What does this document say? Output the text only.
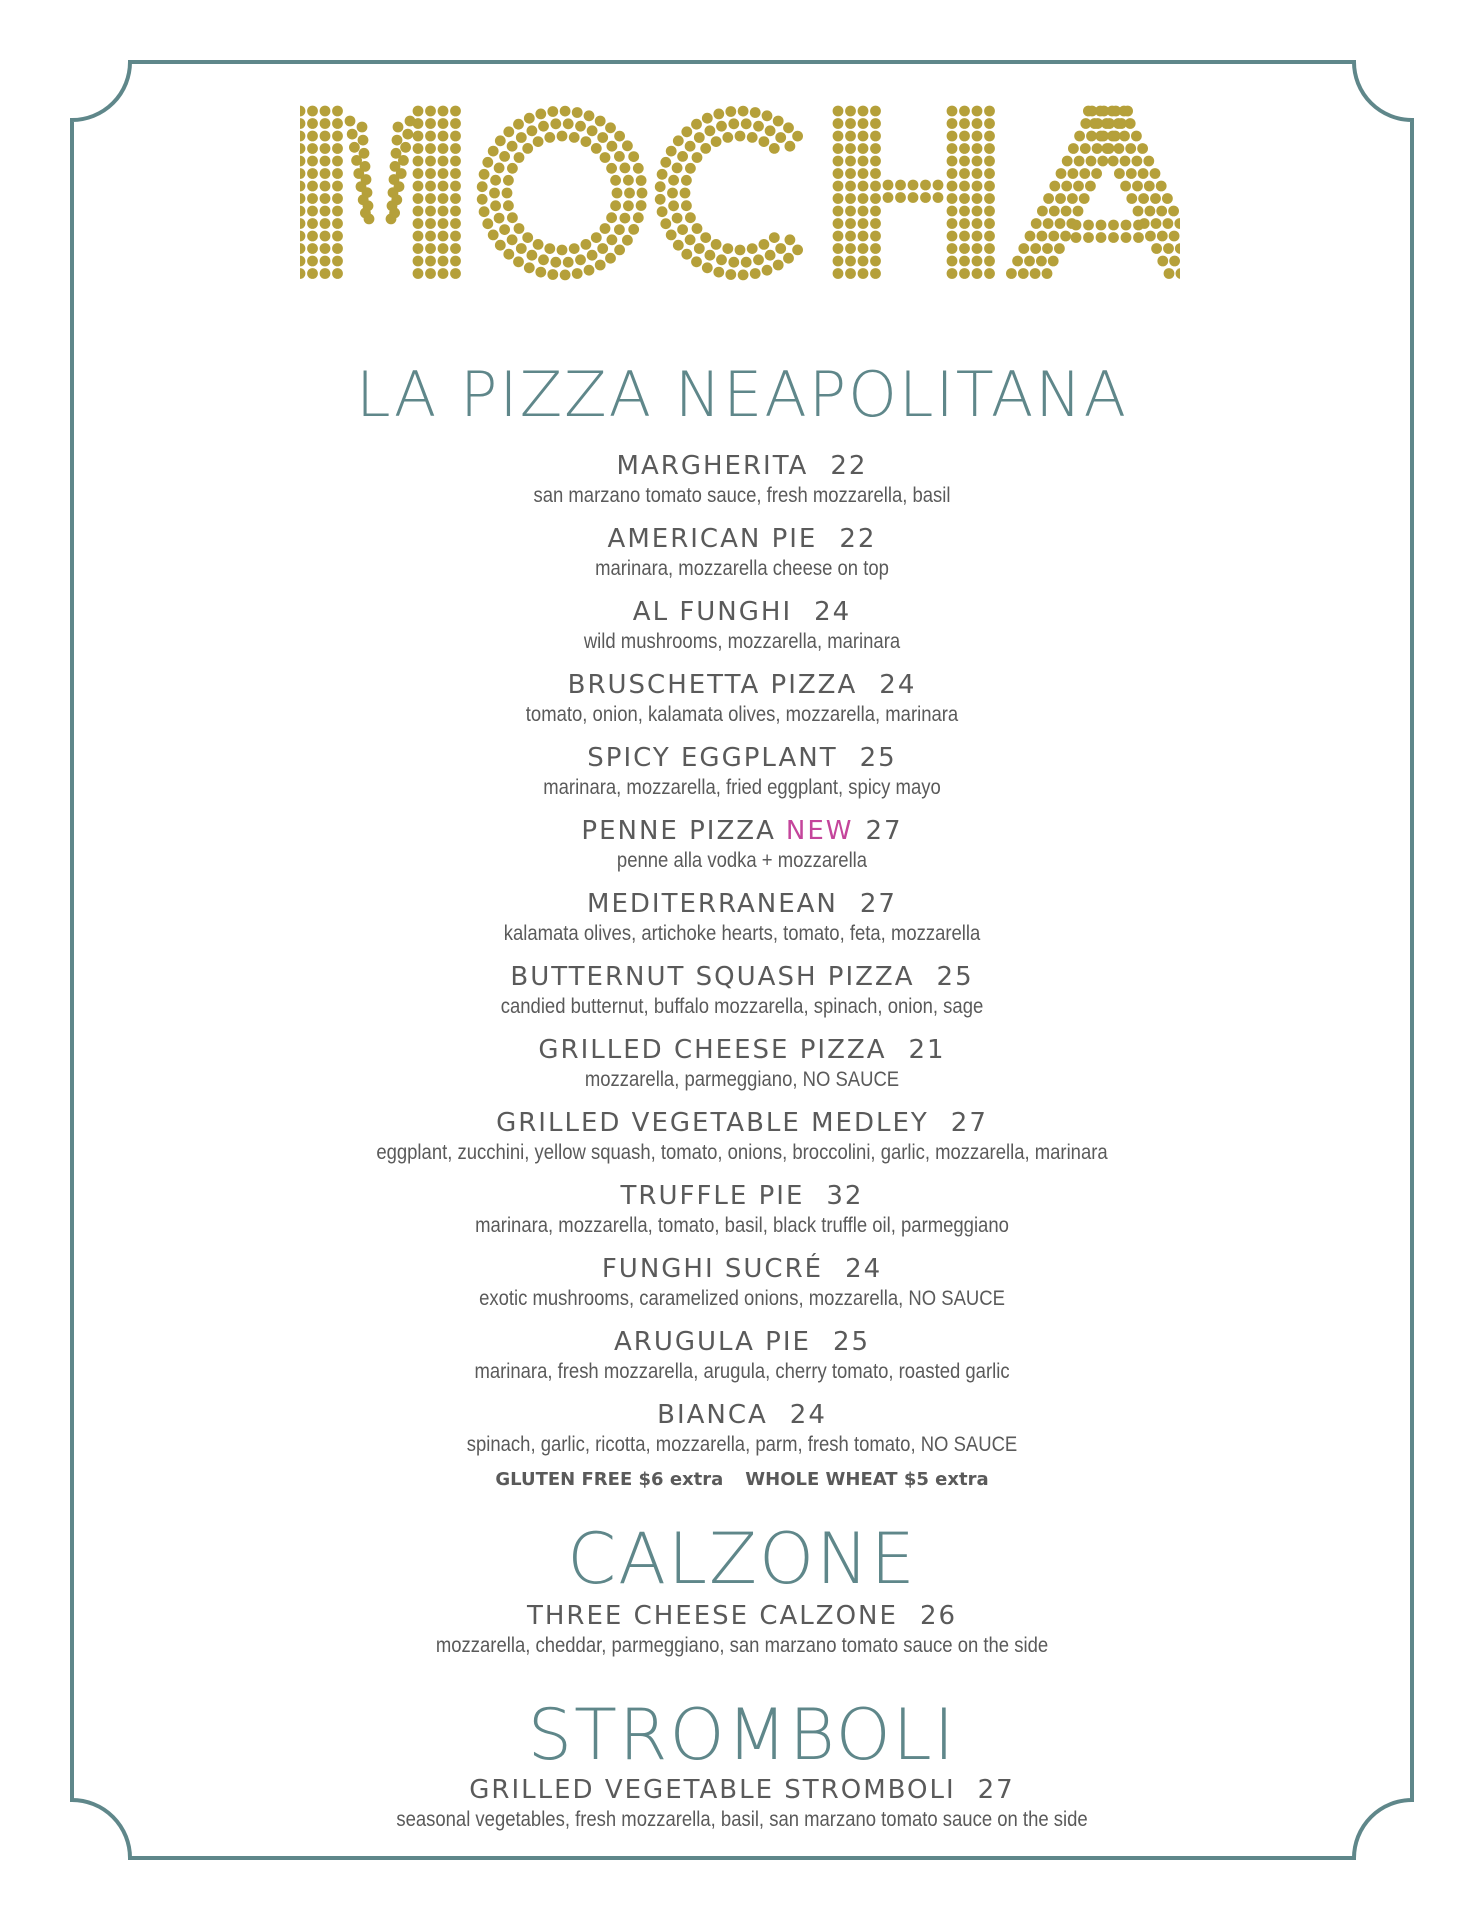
LA PIZZA NEAPOLITANA
MARGHERITA 22
san marzano tomato sauce, fresh mozzarella, basil
AMERICAN PIE 22
marinara, mozzarella cheese on top
AL FUNGHI 24
wild mushrooms, mozzarella, marinara
BRUSCHETTA PIZZA 24
tomato, onion, kalamata olives, mozzarella, marinara
SPICY EGGPLANT 25
marinara, mozzarella, fried eggplant, spicy mayo
PENNE PIZZA NEW 27
penne alla vodka + mozzarella
MEDITERRANEAN 27
kalamata olives, artichoke hearts, tomato, feta, mozzarella
BUTTERNUT SQUASH PIZZA 25
candied butternut, buffalo mozzarella, spinach, onion, sage
GRILLED CHEESE PIZZA 21
mozzarella, parmeggiano, NO SAUCE
GRILLED VEGETABLE MEDLEY 27
eggplant, zucchini, yellow squash, tomato, onions, broccolini, garlic, mozzarella, marinara
TRUFFLE PIE 32
marinara, mozzarella, tomato, basil, black truffle oil, parmeggiano
FUNGHI SUCRÉ 24
exotic mushrooms, caramelized onions, mozzarella, NO SAUCE
ARUGULA PIE 25
marinara, fresh mozzarella, arugula, cherry tomato, roasted garlic
BIANCA 24
spinach, garlic, ricotta, mozzarella, parm, fresh tomato, NO SAUCE
GLUTEN FREE $6 extra WHOLE WHEAT $5 extra
CALZONE
THREE CHEESE CALZONE 26
mozzarella, cheddar, parmeggiano, san marzano tomato sauce on the side
STROMBOLI
GRILLED VEGETABLE STROMBOLI 27
seasonal vegetables, fresh mozzarella, basil, san marzano tomato sauce on the side
